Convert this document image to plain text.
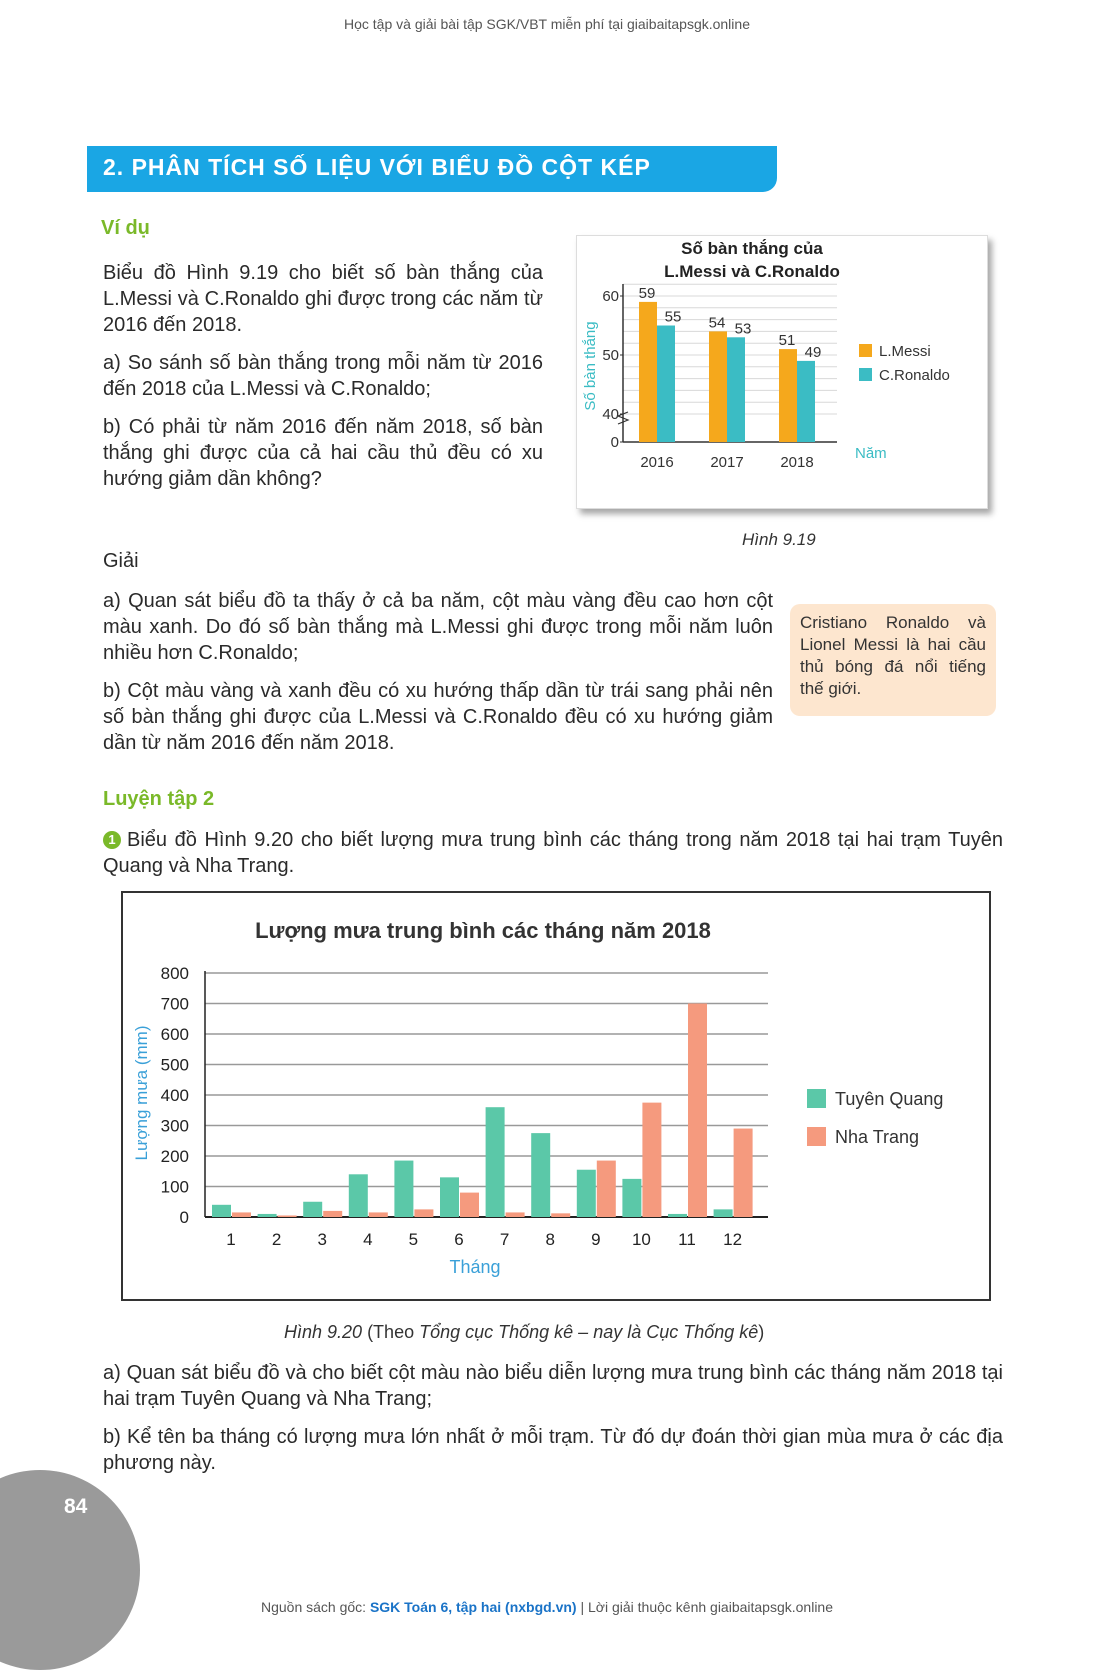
Học tập và giải bài tập SGK/VBT miễn phí tại giaibaitapsgk.online
2. PHÂN TÍCH SỐ LIỆU VỚI BIỂU ĐỒ CỘT KÉP
Ví dụ

Biểu đồ Hình 9.19 cho biết số bàn thắng của L.Messi và C.Ronaldo ghi được trong các năm từ 2016 đến 2018.

a) So sánh số bàn thắng trong mỗi năm từ 2016 đến 2018 của L.Messi và C.Ronaldo;

b) Có phải từ năm 2016 đến năm 2018, số bàn thắng ghi được của cả hai cầu thủ đều có xu hướng giảm dần không?

Số bàn thắng của
L.Messi và C.Ronaldo
0
40
50
60 59
55
2016
54 53
2017
51
49
2018
Năm
Số bàn thắng	L.Messi
C.Ronaldo
Hình 9.19
Giải

a) Quan sát biểu đồ ta thấy ở cả ba năm, cột màu vàng đều cao hơn cột màu xanh. Do đó số bàn thắng mà L.Messi ghi được trong mỗi năm luôn nhiều hơn C.Ronaldo;

b) Cột màu vàng và xanh đều có xu hướng thấp dần từ trái sang phải nên số bàn thắng ghi được của L.Messi và C.Ronaldo đều có xu hướng giảm dần từ năm 2016 đến năm 2018.

Cristiano Ronaldo và Lionel Messi là hai cầu thủ bóng đá nổi tiếng thế giới.
Luyện tập 2
1 Biểu đồ Hình 9.20 cho biết lượng mưa trung bình các tháng trong năm 2018 tại hai trạm Tuyên Quang và Nha Trang.
Lượng mưa trung bình các tháng năm 2018
0
100
200
300
400
500
600
700
800
1 2 3 4 5 6 7 8 9 10 11 12
Tháng
Lượng mưa (mm)	Tuyên Quang
Nha Trang
Hình 9.20 (Theo Tổng cục Thống kê – nay là Cục Thống kê)

a) Quan sát biểu đồ và cho biết cột màu nào biểu diễn lượng mưa trung bình các tháng năm 2018 tại hai trạm Tuyên Quang và Nha Trang;

b) Kể tên ba tháng có lượng mưa lớn nhất ở mỗi trạm. Từ đó dự đoán thời gian mùa mưa ở các địa phương này.

84
Nguồn sách gốc: SGK Toán 6, tập hai (nxbgd.vn) | Lời giải thuộc kênh giaibaitapsgk.online
